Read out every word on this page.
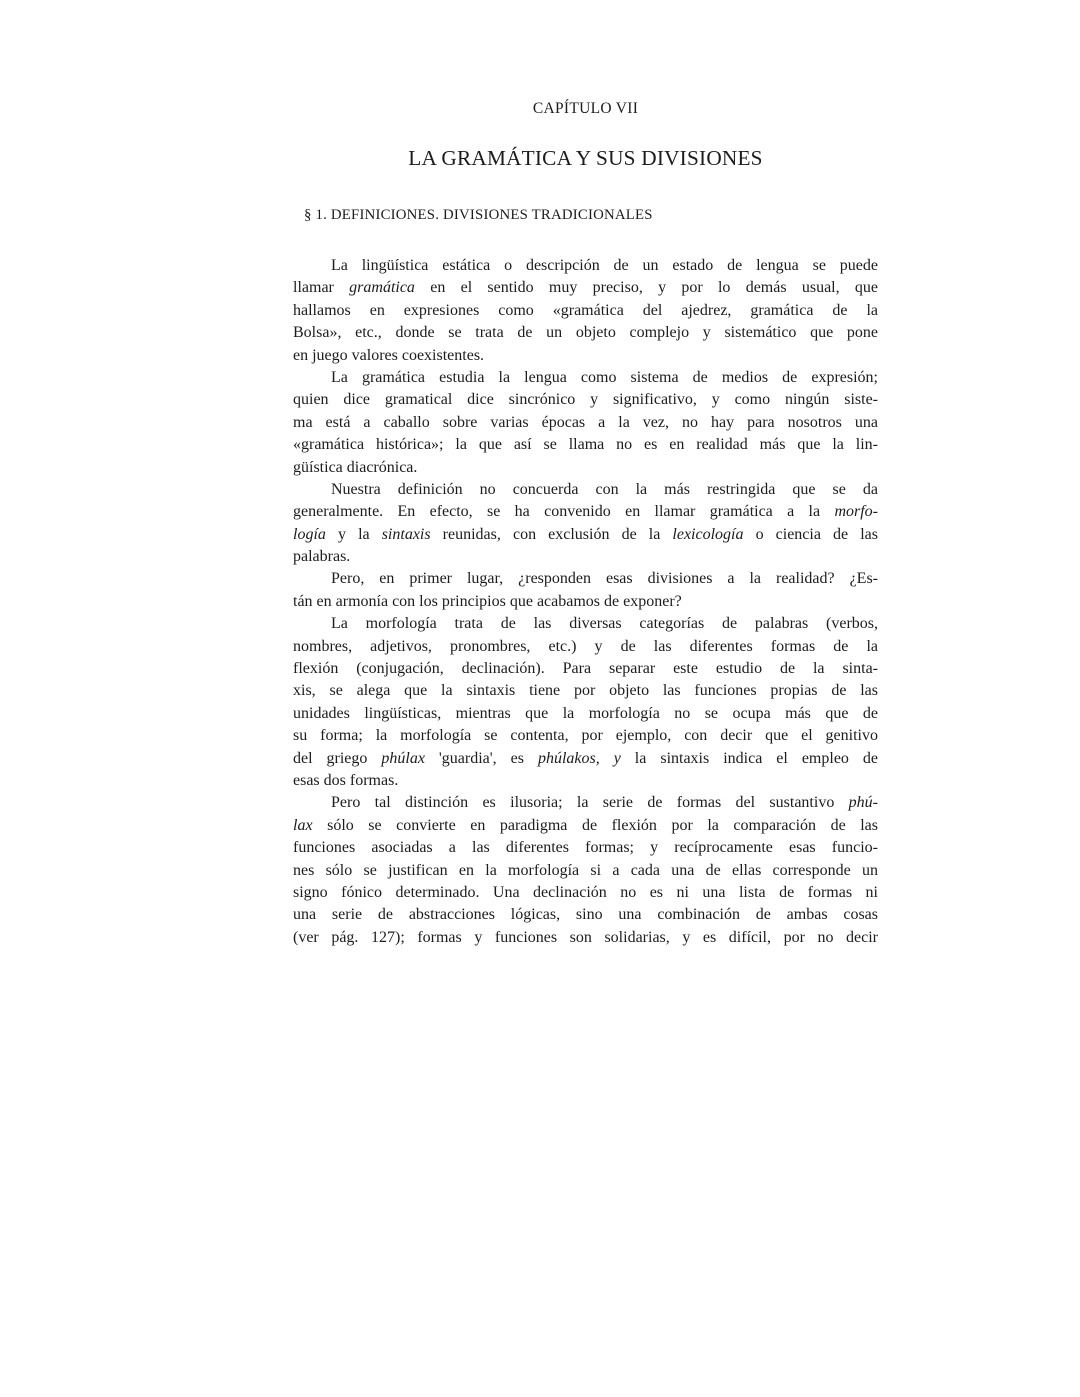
CAPÍTULO VII
LA GRAMÁTICA Y SUS DIVISIONES
§ 1. DEFINICIONES. DIVISIONES TRADICIONALES
La lingüística estática o descripción de un estado de lengua se puede
llamar gramática en el sentido muy preciso, y por lo demás usual, que
hallamos en expresiones como «gramática del ajedrez, gramática de la
Bolsa», etc., donde se trata de un objeto complejo y sistemático que pone
en juego valores coexistentes.
La gramática estudia la lengua como sistema de medios de expresión;
quien dice gramatical dice sincrónico y significativo, y como ningún siste-
ma está a caballo sobre varias épocas a la vez, no hay para nosotros una
«gramática histórica»; la que así se llama no es en realidad más que la lin-
güística diacrónica.
Nuestra definición no concuerda con la más restringida que se da
generalmente. En efecto, se ha convenido en llamar gramática a la morfo-
logía y la sintaxis reunidas, con exclusión de la lexicología o ciencia de las
palabras.
Pero, en primer lugar, ¿responden esas divisiones a la realidad? ¿Es-
tán en armonía con los principios que acabamos de exponer?
La morfología trata de las diversas categorías de palabras (verbos,
nombres, adjetivos, pronombres, etc.) y de las diferentes formas de la
flexión (conjugación, declinación). Para separar este estudio de la sinta-
xis, se alega que la sintaxis tiene por objeto las funciones propias de las
unidades lingüísticas, mientras que la morfología no se ocupa más que de
su forma; la morfología se contenta, por ejemplo, con decir que el genitivo
del griego phúlax 'guardia', es phúlakos, y la sintaxis indica el empleo de
esas dos formas.
Pero tal distinción es ilusoria; la serie de formas del sustantivo phú-
lax sólo se convierte en paradigma de flexión por la comparación de las
funciones asociadas a las diferentes formas; y recíprocamente esas funcio-
nes sólo se justifican en la morfología si a cada una de ellas corresponde un
signo fónico determinado. Una declinación no es ni una lista de formas ni
una serie de abstracciones lógicas, sino una combinación de ambas cosas
(ver pág. 127); formas y funciones son solidarias, y es difícil, por no decir
